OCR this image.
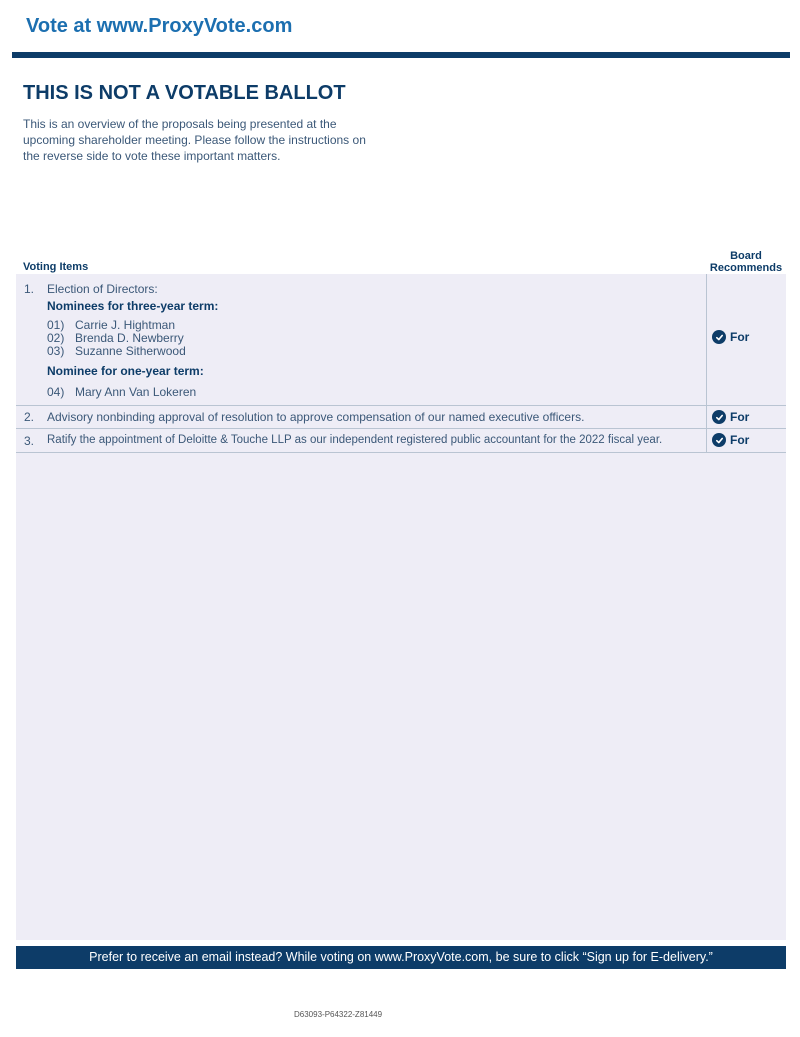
Vote at www.ProxyVote.com
THIS IS NOT A VOTABLE BALLOT
This is an overview of the proposals being presented at the
upcoming shareholder meeting. Please follow the instructions on
the reverse side to vote these important matters.
Voting Items
Board
Recommends
1. Election of Directors:
Nominees for three-year term:
01) Carrie J. Hightman
02) Brenda D. Newberry
03) Suzanne Sitherwood
Nominee for one-year term:
04) Mary Ann Van Lokeren
For
2. Advisory nonbinding approval of resolution to approve compensation of our named executive officers.	For
3. Ratify the appointment of Deloitte & Touche LLP as our independent registered public accountant for the 2022 fiscal year.	For
Prefer to receive an email instead? While voting on www.ProxyVote.com, be sure to click “Sign up for E-delivery.”
D63093-P64322-Z81449
